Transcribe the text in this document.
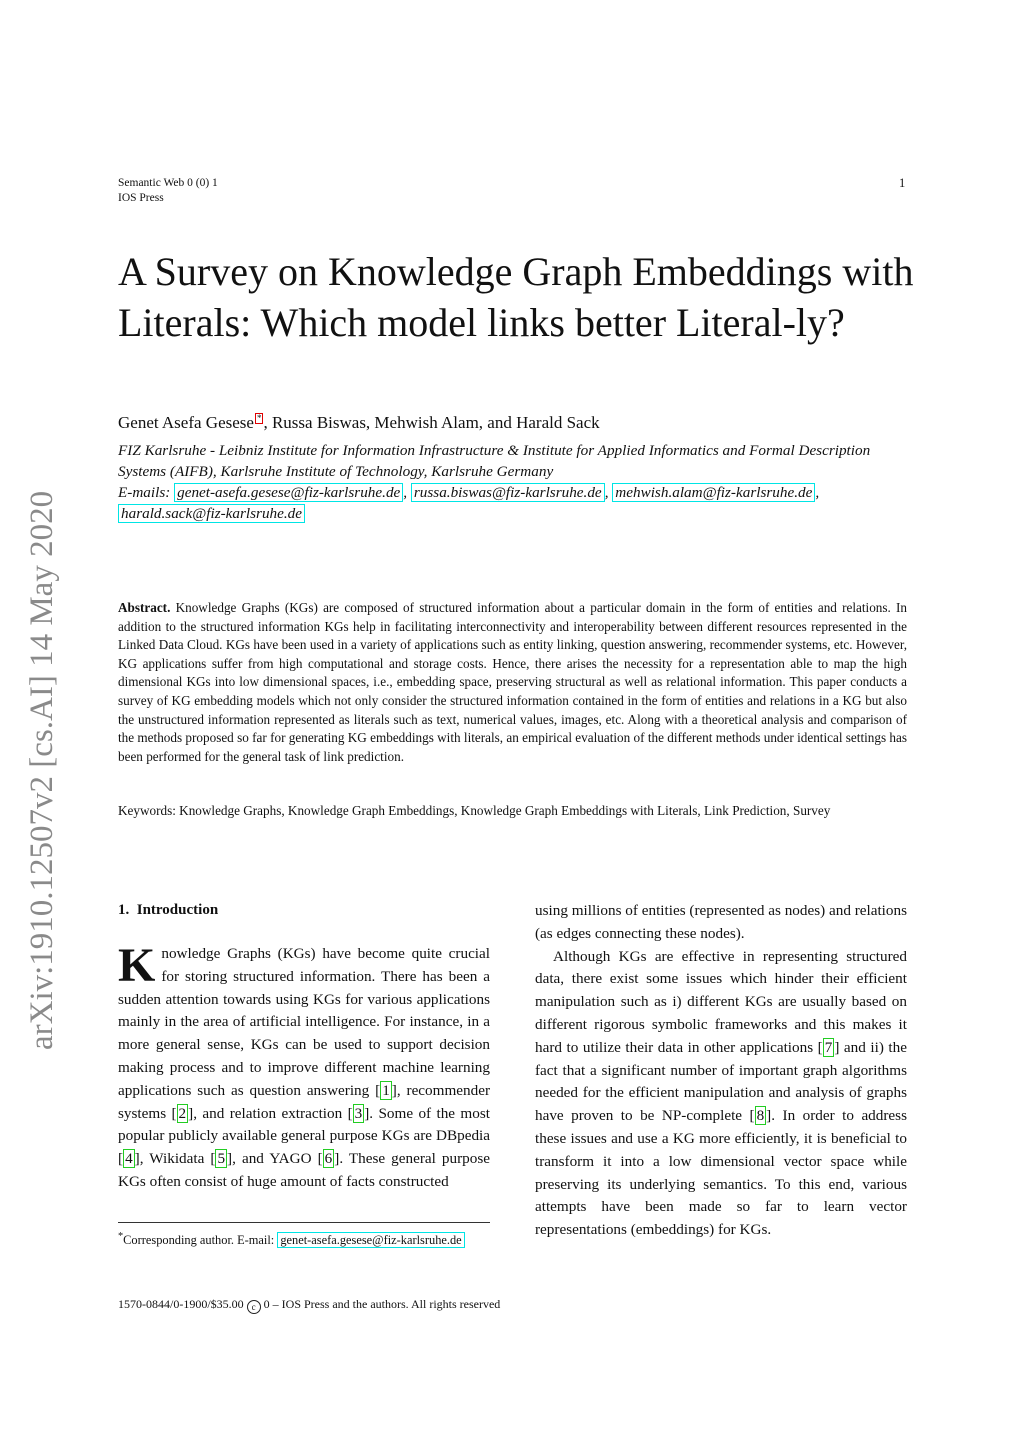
Semantic Web 0 (0) 1
IOS Press
1
arXiv:1910.12507v2 [cs.AI] 14 May 2020
A Survey on Knowledge Graph Embeddings with Literals: Which model links better Literal-ly?
Genet Asefa Gesese * , Russa Biswas, Mehwish Alam, and Harald Sack
FIZ Karlsruhe - Leibniz Institute for Information Infrastructure & Institute for Applied Informatics and Formal Description Systems (AIFB), Karlsruhe Institute of Technology, Karlsruhe Germany
E-mails: genet-asefa.gesese@fiz-karlsruhe.de , russa.biswas@fiz-karlsruhe.de , mehwish.alam@fiz-karlsruhe.de , harald.sack@fiz-karlsruhe.de
Abstract. Knowledge Graphs (KGs) are composed of structured information about a particular domain in the form of entities and relations. In addition to the structured information KGs help in facilitating interconnectivity and interoperability between different resources represented in the Linked Data Cloud. KGs have been used in a variety of applications such as entity linking, question answering, recommender systems, etc. However, KG applications suffer from high computational and storage costs. Hence, there arises the necessity for a representation able to map the high dimensional KGs into low dimensional spaces, i.e., embedding space, preserving structural as well as relational information. This paper conducts a survey of KG embedding models which not only consider the structured information contained in the form of entities and relations in a KG but also the unstructured information represented as literals such as text, numerical values, images, etc. Along with a theoretical analysis and comparison of the methods proposed so far for generating KG embeddings with literals, an empirical evaluation of the different methods under identical settings has been performed for the general task of link prediction.
Keywords: Knowledge Graphs, Knowledge Graph Embeddings, Knowledge Graph Embeddings with Literals, Link Prediction, Survey
1. Introduction

Knowledge Graphs (KGs) have become quite crucial for storing structured information. There has been a sudden attention towards using KGs for various applications mainly in the area of artificial intelligence. For instance, in a more general sense, KGs can be used to support decision making process and to improve different machine learning applications such as question answering [ 1 ], recommender systems [ 2 ], and relation extraction [ 3 ]. Some of the most popular publicly available general purpose KGs are DBpedia [ 4 ], Wikidata [ 5 ], and YAGO [ 6 ]. These general purpose KGs often consist of huge amount of facts constructed

using millions of entities (represented as nodes) and relations (as edges connecting these nodes).

Although KGs are effective in representing structured data, there exist some issues which hinder their efficient manipulation such as i) different KGs are usually based on different rigorous symbolic frameworks and this makes it hard to utilize their data in other applications [ 7 ] and ii) the fact that a significant number of important graph algorithms needed for the efficient manipulation and analysis of graphs have proven to be NP-complete [ 8 ]. In order to address these issues and use a KG more efficiently, it is beneficial to transform it into a low dimensional vector space while preserving its underlying semantics. To this end, various attempts have been made so far to learn vector representations (embeddings) for KGs.

*Corresponding author. E-mail: genet-asefa.gesese@fiz-karlsruhe.de
1570-0844/0-1900/$35.00 c 0 – IOS Press and the authors. All rights reserved
